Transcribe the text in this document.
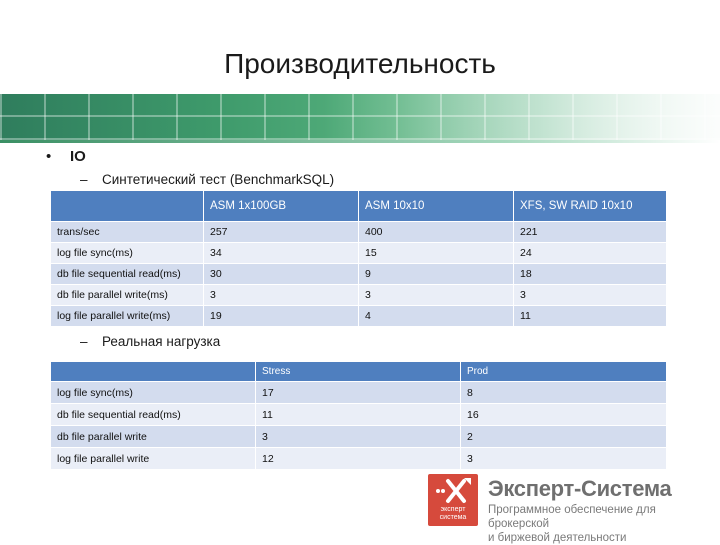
Производительность
• IO
– Синтетический тест (BenchmarkSQL)
	ASM 1x100GB	ASM 10x10	XFS, SW RAID 10x10
trans/sec	257	400	221
log file sync(ms)	34	15	24
db file sequential read(ms)	30	9	18
db file parallel write(ms)	3	3	3
log file parallel write(ms)	19	4	11
– Реальная нагрузка
	Stress	Prod
log file sync(ms)	17	8
db file sequential read(ms)	11	16
db file parallel write	3	2
log file parallel write	12	3
эксперт
система
Эксперт-Система
Программное обеспечение для брокерской
и биржевой деятельности
